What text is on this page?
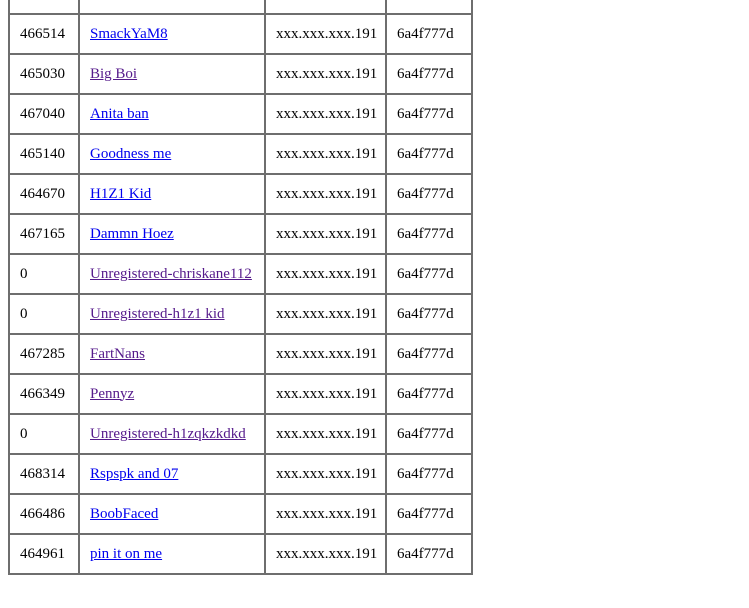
466514	SmackYaM8	xxx.xxx.xxx.191	6a4f777d
465030	Big Boi	xxx.xxx.xxx.191	6a4f777d
467040	Anita ban	xxx.xxx.xxx.191	6a4f777d
465140	Goodness me	xxx.xxx.xxx.191	6a4f777d
464670	H1Z1 Kid	xxx.xxx.xxx.191	6a4f777d
467165	Dammn Hoez	xxx.xxx.xxx.191	6a4f777d
0	Unregistered-chriskane112	xxx.xxx.xxx.191	6a4f777d
0	Unregistered-h1z1 kid	xxx.xxx.xxx.191	6a4f777d
467285	FartNans	xxx.xxx.xxx.191	6a4f777d
466349	Pennyz	xxx.xxx.xxx.191	6a4f777d
0	Unregistered-h1zqkzkdkd	xxx.xxx.xxx.191	6a4f777d
468314	Rspspk and 07	xxx.xxx.xxx.191	6a4f777d
466486	BoobFaced	xxx.xxx.xxx.191	6a4f777d
464961	pin it on me	xxx.xxx.xxx.191	6a4f777d
